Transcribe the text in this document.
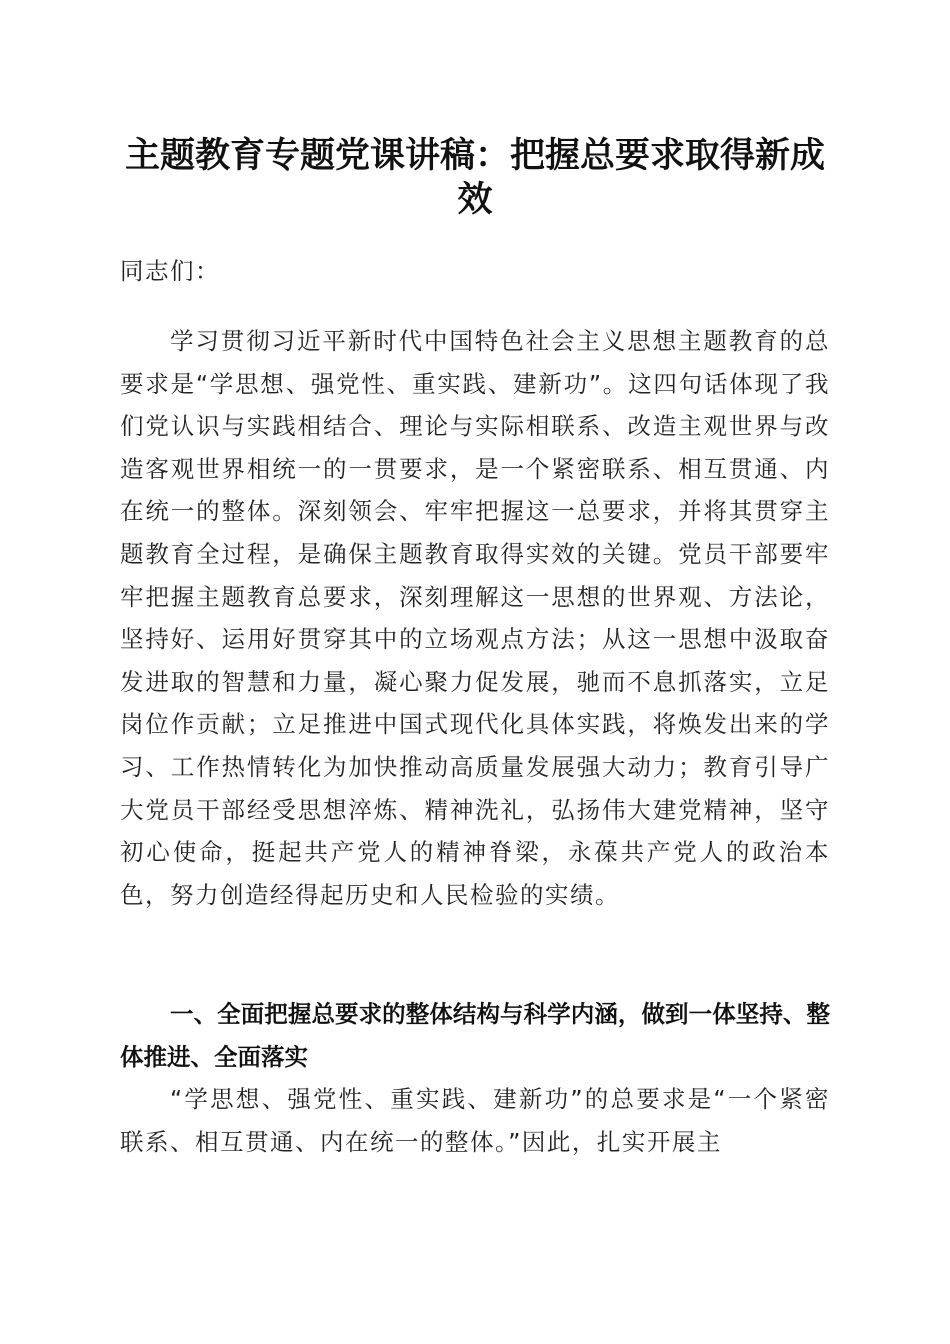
主题教育专题党课讲稿：把握总要求取得新成效

同志们：

学习贯彻习近平新时代中国特色社会主义思想主题教育的总要求是“学思想、强党性、重实践、建新功”。这四句话体现了我们党认识与实践相结合、理论与实际相联系、改造主观世界与改造客观世界相统一的一贯要求，是一个紧密联系、相互贯通、内在统一的整体。深刻领会、牢牢把握这一总要求，并将其贯穿主题教育全过程，是确保主题教育取得实效的关键。党员干部要牢牢把握主题教育总要求，深刻理解这一思想的世界观、方法论，坚持好、运用好贯穿其中的立场观点方法；从这一思想中汲取奋发进取的智慧和力量，凝心聚力促发展，驰而不息抓落实，立足岗位作贡献；立足推进中国式现代化具体实践，将焕发出来的学习、工作热情转化为加快推动高质量发展强大动力；教育引导广大党员干部经受思想淬炼、精神洗礼，弘扬伟大建党精神，坚守初心使命，挺起共产党人的精神脊梁，永葆共产党人的政治本色，努力创造经得起历史和人民检验的实绩。

一、全面把握总要求的整体结构与科学内涵，做到一体坚持、整体推进、全面落实

“学思想、强党性、重实践、建新功”的总要求是“一个紧密联系、相互贯通、内在统一的整体。”因此，扎实开展主
